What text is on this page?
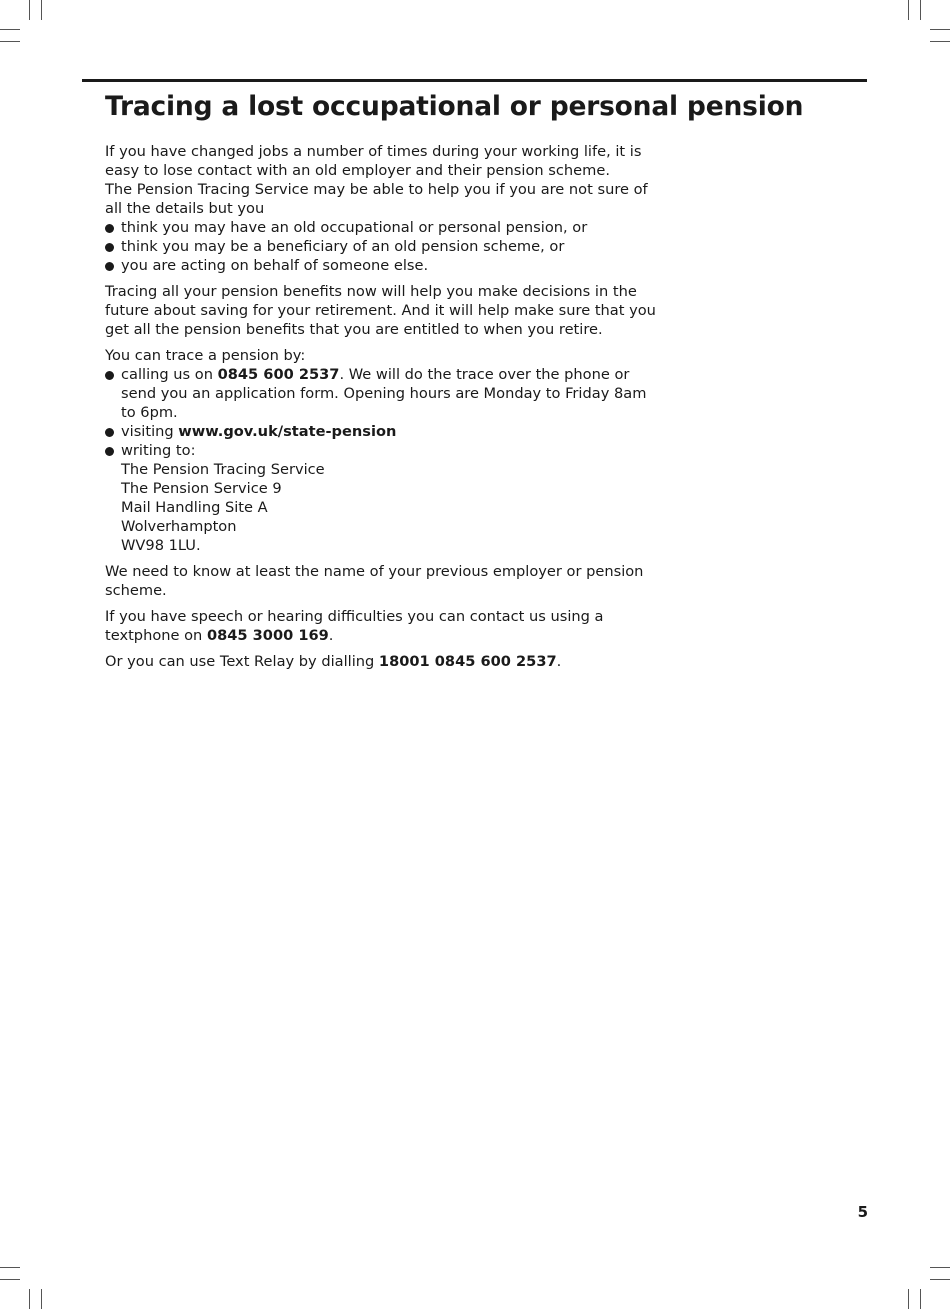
Tracing a lost occupational or personal pension

If you have changed jobs a number of times during your working life, it is easy to lose contact with an old employer and their pension scheme.

The Pension Tracing Service may be able to help you if you are not sure of all the details but you

think you may have an old occupational or personal pension, or
think you may be a beneficiary of an old pension scheme, or
you are acting on behalf of someone else.

Tracing all your pension benefits now will help you make decisions in the future about saving for your retirement. And it will help make sure that you get all the pension benefits that you are entitled to when you retire.

You can trace a pension by:

calling us on 0845 600 2537. We will do the trace over the phone or send you an application form. Opening hours are Monday to Friday 8am to 6pm.
visiting www.gov.uk/state-pension
writing to:
The Pension Tracing Service
The Pension Service 9
Mail Handling Site A
Wolverhampton
WV98 1LU.

We need to know at least the name of your previous employer or pension scheme.

If you have speech or hearing difficulties you can contact us using a textphone on 0845 3000 169.

Or you can use Text Relay by dialling 18001 0845 600 2537.

5
